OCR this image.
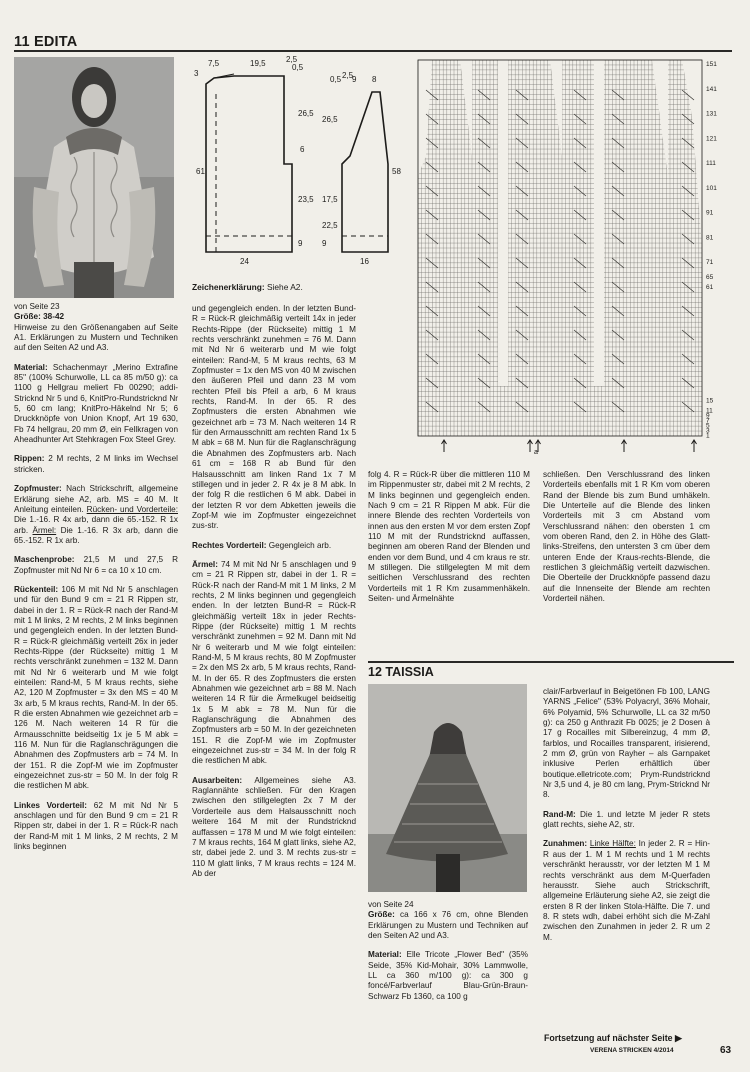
11 EDITA
7,5	19,5	2,5
0,5
3
61
26,5
23,5
9
6
24
0,5 2,5
9 8
26,5
17,5
22,5
9
58
16
Zeichenerklärung: Siehe A2.
151
141
131
121
111
101
91
81
71
65
61
15
11
9
7
5
3
1
a

von Seite 23
Größe: 38-42
Hinweise zu den Größenangaben auf Seite A1. Erklärungen zu Mustern und Techniken auf den Seiten A2 und A3.

Material: Schachenmayr „Merino Extrafine 85" (100% Schurwolle, LL ca 85 m/50 g): ca 1100 g Hellgrau meliert Fb 00290; addi-Stricknd Nr 5 und 6, KnitPro-Rundstricknd Nr 5, 60 cm lang; KnitPro-Häkelnd Nr 5; 6 Druckknöpfe von Union Knopf, Art 19 630, Fb 74 hellgrau, 20 mm Ø, ein Fellkragen von Aheadhunter Art Stehkragen Fox Steel Grey.

Rippen: 2 M rechts, 2 M links im Wechsel stricken.

Zopfmuster: Nach Strickschrift, allgemeine Erklärung siehe A2, arb. MS = 40 M. It Anleitung einteilen. Rücken- und Vorderteile: Die 1.-16. R 4x arb, dann die 65.-152. R 1x arb. Ärmel: Die 1.-16. R 3x arb, dann die 65.-152. R 1x arb.

Maschenprobe: 21,5 M und 27,5 R Zopfmuster mit Nd Nr 6 = ca 10 x 10 cm.

Rückenteil: 106 M mit Nd Nr 5 anschlagen und für den Bund 9 cm = 21 R Rippen str, dabei in der 1. R = Rück-R nach der Rand-M mit 1 M links, 2 M rechts, 2 M links beginnen und gegengleich enden. In der letzten Bund-R = Rück-R gleichmäßig verteilt 26x in jeder Rechts-Rippe (der Rückseite) mittig 1 M rechts verschränkt zunehmen = 132 M. Dann mit Nd Nr 6 weiterarb und M wie folgt einteilen: Rand-M, 5 M kraus rechts, siehe A2, 120 M Zopfmuster = 3x den MS = 40 M 3x arb, 5 M kraus rechts, Rand-M. In der 65. R die ersten Abnahmen wie gezeichnet arb = 126 M. Nach weiteren 14 R für die Armausschnitte beidseitig 1x je 5 M abk = 116 M. Nun für die Raglanschrägungen die Abnahmen des Zopfmusters arb = 74 M. In der 151. R die Zopf-M wie im Zopfmuster eingezeichnet zus-str = 50 M. In der folg R die restlichen M abk.

Linkes Vorderteil: 62 M mit Nd Nr 5 anschlagen und für den Bund 9 cm = 21 R Rippen str, dabei in der 1. R = Rück-R nach der Rand-M mit 1 M links, 2 M rechts, 2 M links beginnen

und gegengleich enden. In der letzten Bund-R = Rück-R gleichmäßig verteilt 14x in jeder Rechts-Rippe (der Rückseite) mittig 1 M rechts verschränkt zunehmen = 76 M. Dann mit Nd Nr 6 weiterarb und M wie folgt einteilen: Rand-M, 5 M kraus rechts, 63 M Zopfmuster = 1x den MS von 40 M zwischen den äußeren Pfeil und dann 23 M vom rechten Pfeil bis Pfeil a arb, 6 M kraus rechts, Rand-M. In der 65. R des Zopfmusters die ersten Abnahmen wie gezeichnet arb = 73 M. Nach weiteren 14 R für den Armausschnitt am rechten Rand 1x 5 M abk = 68 M. Nun für die Raglanschrägung die Abnahmen des Zopfmusters arb. Nach 61 cm = 168 R ab Bund für den Halsausschnitt am linken Rand 1x 7 M stillegen und in jeder 2. R 4x je 8 M abk. In der folg R die restlichen 6 M abk. Dabei in der letzten R vor dem Abketten jeweils die Zopf-M wie im Zopfmuster eingezeichnet zus-str.

Rechtes Vorderteil: Gegengleich arb.

Ärmel: 74 M mit Nd Nr 5 anschlagen und 9 cm = 21 R Rippen str, dabei in der 1. R = Rück-R nach der Rand-M mit 1 M links, 2 M rechts, 2 M links beginnen und gegengleich enden. In der letzten Bund-R = Rück-R gleichmäßig verteilt 18x in jeder Rechts-Rippe (der Rückseite) mittig 1 M rechts verschränkt zunehmen = 92 M. Dann mit Nd Nr 6 weiterarb und M wie folgt einteilen: Rand-M, 5 M kraus rechts, 80 M Zopfmuster = 2x den MS 2x arb, 5 M kraus rechts, Rand-M. In der 65. R des Zopfmusters die ersten Abnahmen wie gezeichnet arb = 88 M. Nach weiteren 14 R für die Ärmelkugel beidseitig 1x 5 M abk = 78 M. Nun für die Raglanschrägung die Abnahmen des Zopfmusters arb = 50 M. In der gezeichneten 151. R die Zopf-M wie im Zopfmuster eingezeichnet zus-str = 34 M. In der folg R die restlichen M abk.

Ausarbeiten: Allgemeines siehe A3. Raglannähte schließen. Für den Kragen zwischen den stillgelegten 2x 7 M der Vorderteile aus dem Halsausschnitt noch weitere 164 M mit der Rundstricknd auffassen = 178 M und M wie folgt einteilen: 7 M kraus rechts, 164 M glatt links, siehe A2, str, dabei jede 2. und 3. M rechts zus-str = 110 M glatt links, 7 M kraus rechts = 124 M. Ab der

folg 4. R = Rück-R über die mittleren 110 M im Rippenmuster str, dabei mit 2 M rechts, 2 M links beginnen und gegengleich enden. Nach 9 cm = 21 R Rippen M abk. Für die innere Blende des rechten Vorderteils von innen aus den ersten M vor dem ersten Zopf 110 M mit der Rundstricknd auffassen, beginnen am oberen Rand der Blenden und enden vor dem Bund, und 4 cm kraus re str. M stillegen. Die stillgelegten M mit dem seitlichen Verschlussrand des rechten Vorderteils mit 1 R Km zusammenhäkeln. Seiten- und Ärmelnähte

schließen. Den Verschlussrand des linken Vorderteils ebenfalls mit 1 R Km vom oberen Rand der Blende bis zum Bund umhäkeln. Die Unterteile auf die Blende des linken Vorderteils mit 3 cm Abstand vom Verschlussrand nähen: den obersten 1 cm vom oberen Rand, den 2. in Höhe des Glatt-links-Streifens, den untersten 3 cm über dem unteren Ende der Kraus-rechts-Blende, die restlichen 3 gleichmäßig verteilt dazwischen. Die Oberteile der Druckknöpfe passend dazu auf die Innenseite der Blende am rechten Vorderteil nähen.

12 TAISSIA

von Seite 24
Größe: ca 166 x 76 cm, ohne Blenden Erklärungen zu Mustern und Techniken auf den Seiten A2 und A3.

Material: Elle Tricote „Flower Bed" (35% Seide, 35% Kid-Mohair, 30% Lammwolle, LL ca 360 m/100 g): ca 300 g foncé/Farbverlauf Blau-Grün-Braun-Schwarz Fb 1360, ca 100 g

clair/Farbverlauf in Beigetönen Fb 100, LANG YARNS „Felice" (53% Polyacryl, 36% Mohair, 6% Polyamid, 5% Schurwolle, LL ca 32 m/50 g): ca 250 g Anthrazit Fb 0025; je 2 Dosen à 17 g Rocailles mit Silbereinzug, 4 mm Ø, farblos, und Rocailles transparent, irisierend, 2 mm Ø, grün von Rayher – als Garnpaket inklusive Perlen erhältlich über boutique.elletricote.com; Prym-Rundstricknd Nr 3,5 und 4, je 80 cm lang, Prym-Stricknd Nr 8.

Rand-M: Die 1. und letzte M jeder R stets glatt rechts, siehe A2, str.

Zunahmen: Linke Hälfte: In jeder 2. R = Hin-R aus der 1. M 1 M rechts und 1 M rechts verschränkt herausstr, vor der letzten M 1 M rechts verschränkt aus dem M-Querfaden herausstr. Siehe auch Strickschrift, allgemeine Erläuterung siehe A2, sie zeigt die ersten 8 R der linken Stola-Hälfte. Die 7. und 8. R stets wdh, dabei erhöht sich die M-Zahl zwischen den Zunahmen in jeder 2. R um 2 M.

Fortsetzung auf nächster Seite ▶
VERENA STRICKEN 4/2014	63
